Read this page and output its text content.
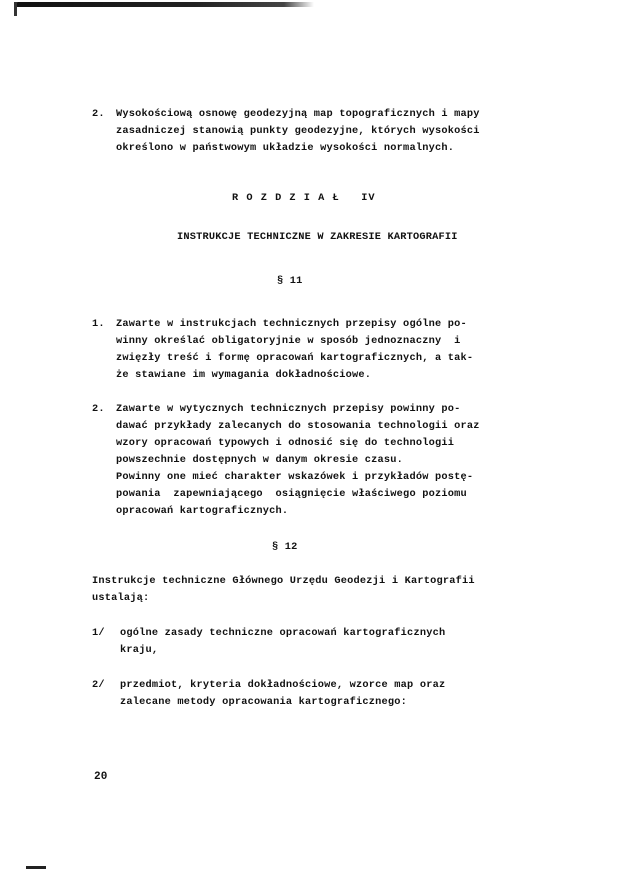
2. Wysokościową osnowę geodezyjną map topograficznych i mapy
zasadniczej stanowią punkty geodezyjne, których wysokości
określono w państwowym układzie wysokości normalnych.
R O Z D Z I A Ł   IV
INSTRUKCJE TECHNICZNE W ZAKRESIE KARTOGRAFII
§ 11
1. Zawarte w instrukcjach technicznych przepisy ogólne po-
winny określać obligatoryjnie w sposób jednoznaczny  i
zwięzły treść i formę opracowań kartograficznych, a tak-
że stawiane im wymagania dokładnościowe.
2. Zawarte w wytycznych technicznych przepisy powinny po-
dawać przykłady zalecanych do stosowania technologii oraz
wzory opracowań typowych i odnosić się do technologii
powszechnie dostępnych w danym okresie czasu.
Powinny one mieć charakter wskazówek i przykładów postę-
powania  zapewniającego  osiągnięcie właściwego poziomu
opracowań kartograficznych.
§ 12
Instrukcje techniczne Głównego Urzędu Geodezji i Kartografii
ustalają:
1/ ogólne zasady techniczne opracowań kartograficznych
kraju,
2/ przedmiot, kryteria dokładnościowe, wzorce map oraz
zalecane metody opracowania kartograficznego:
20
